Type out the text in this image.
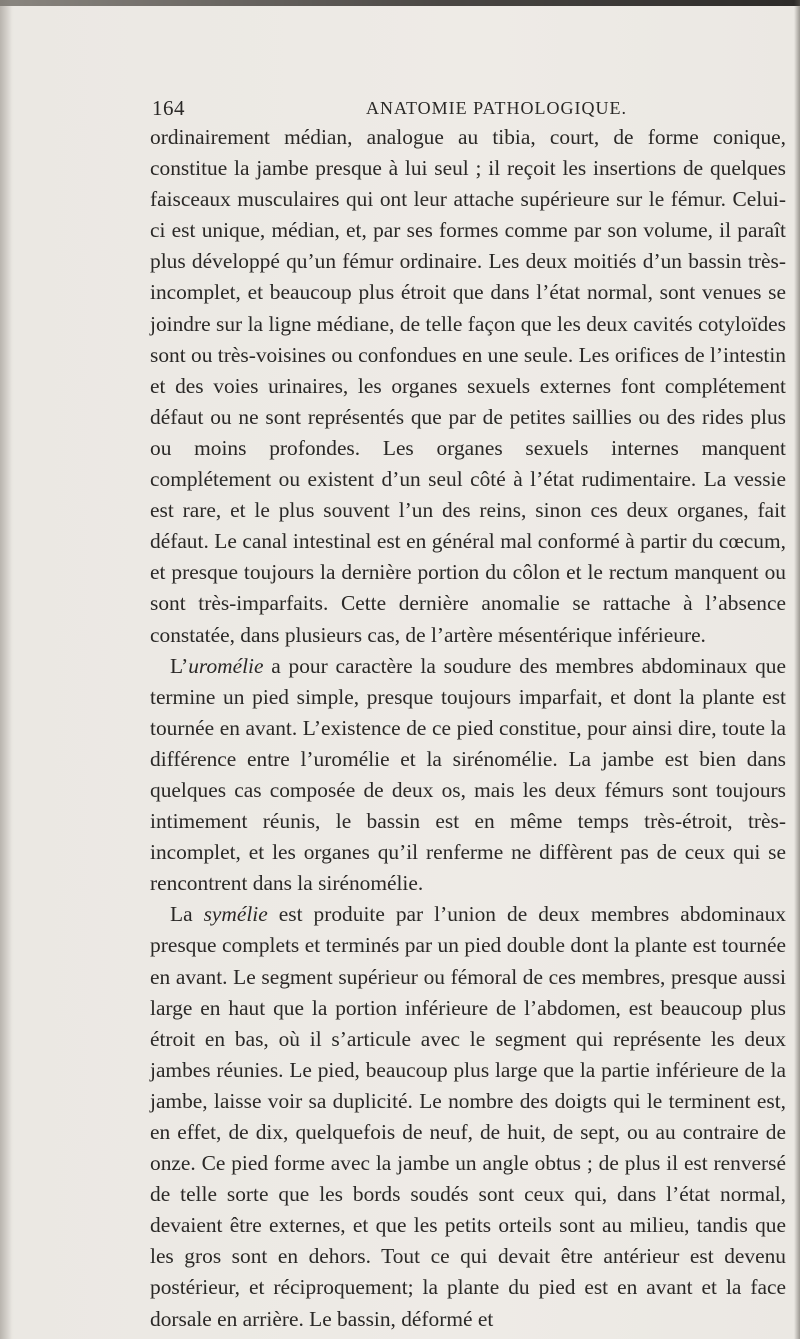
164	ANATOMIE PATHOLOGIQUE.

ordinairement médian, analogue au tibia, court, de forme conique, constitue la jambe presque à lui seul ; il reçoit les insertions de quelques faisceaux musculaires qui ont leur attache supérieure sur le fémur. Celui-ci est unique, médian, et, par ses formes comme par son volume, il paraît plus développé qu’un fémur ordinaire. Les deux moitiés d’un bassin très-incomplet, et beaucoup plus étroit que dans l’état normal, sont venues se joindre sur la ligne médiane, de telle façon que les deux cavités cotyloïdes sont ou très-voisines ou confondues en une seule. Les orifices de l’intestin et des voies urinaires, les organes sexuels externes font complétement défaut ou ne sont représentés que par de petites saillies ou des rides plus ou moins profondes. Les organes sexuels internes manquent complétement ou existent d’un seul côté à l’état rudimentaire. La vessie est rare, et le plus souvent l’un des reins, sinon ces deux organes, fait défaut. Le canal intestinal est en général mal conformé à partir du cœcum, et presque toujours la dernière portion du côlon et le rectum manquent ou sont très-imparfaits. Cette dernière anomalie se rattache à l’absence constatée, dans plusieurs cas, de l’artère mésentérique inférieure.

L’uromélie a pour caractère la soudure des membres abdominaux que termine un pied simple, presque toujours imparfait, et dont la plante est tournée en avant. L’existence de ce pied constitue, pour ainsi dire, toute la différence entre l’uromélie et la sirénomélie. La jambe est bien dans quelques cas composée de deux os, mais les deux fémurs sont toujours intimement réunis, le bassin est en même temps très-étroit, très-incomplet, et les organes qu’il renferme ne diffèrent pas de ceux qui se rencontrent dans la sirénomélie.

La symélie est produite par l’union de deux membres abdominaux presque complets et terminés par un pied double dont la plante est tournée en avant. Le segment supérieur ou fémoral de ces membres, presque aussi large en haut que la portion inférieure de l’abdomen, est beaucoup plus étroit en bas, où il s’articule avec le segment qui représente les deux jambes réunies. Le pied, beaucoup plus large que la partie inférieure de la jambe, laisse voir sa duplicité. Le nombre des doigts qui le terminent est, en effet, de dix, quelquefois de neuf, de huit, de sept, ou au contraire de onze. Ce pied forme avec la jambe un angle obtus ; de plus il est renversé de telle sorte que les bords soudés sont ceux qui, dans l’état normal, devaient être externes, et que les petits orteils sont au milieu, tandis que les gros sont en dehors. Tout ce qui devait être antérieur est devenu postérieur, et réciproquement; la plante du pied est en avant et la face dorsale en arrière. Le bassin, déformé et
